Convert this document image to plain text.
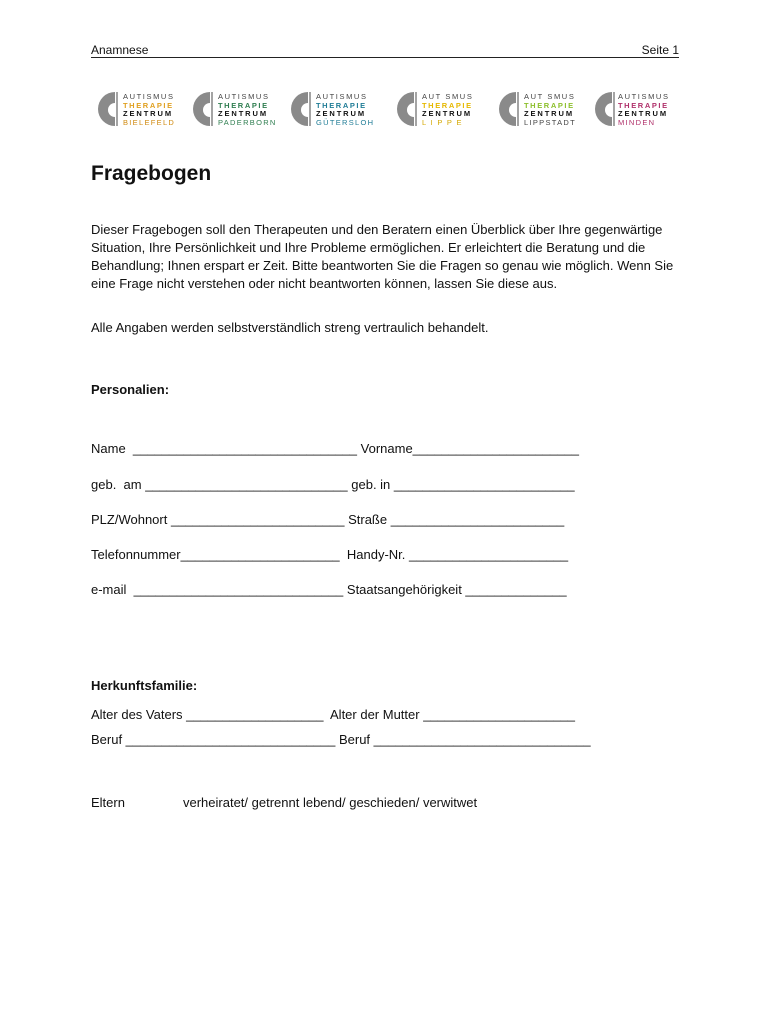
Anamnese	Seite 1
AUTISMUS
THERAPIE
ZENTRUM
BIELEFELD
AUTISMUS
THERAPIE
ZENTRUM
PADERBORN
AUTISMUS
THERAPIE
ZENTRUM
GÜTERSLOH
AUT SMUS
THERAPIE
ZENTRUM
L I P P E
AUT SMUS
THERAPIE
ZENTRUM
LIPPSTADT
AUTISMUS
THERAPIE
ZENTRUM
MINDEN
Fragebogen

Dieser Fragebogen soll den Therapeuten und den Beratern einen Überblick über Ihre gegenwärtige Situation, Ihre Persönlichkeit und Ihre Probleme ermöglichen. Er erleichtert die Beratung und die Behandlung; Ihnen erspart er Zeit. Bitte beantworten Sie die Fragen so genau wie möglich. Wenn Sie eine Frage nicht verstehen oder nicht beantworten können, lassen Sie diese aus.

Alle Angaben werden selbstverständlich streng vertraulich behandelt.

Personalien:

Name  _______________________________ Vorname_______________________
geb.  am ____________________________ geb. in _________________________
PLZ/Wohnort ________________________ Straße ________________________
Telefonnummer______________________  Handy-Nr. ______________________
e-mail  _____________________________ Staatsangehörigkeit ______________

Herkunftsfamilie:

Alter des Vaters ___________________  Alter der Mutter _____________________
Beruf _____________________________ Beruf ______________________________
Eltern	verheiratet/ getrennt lebend/ geschieden/ verwitwet
